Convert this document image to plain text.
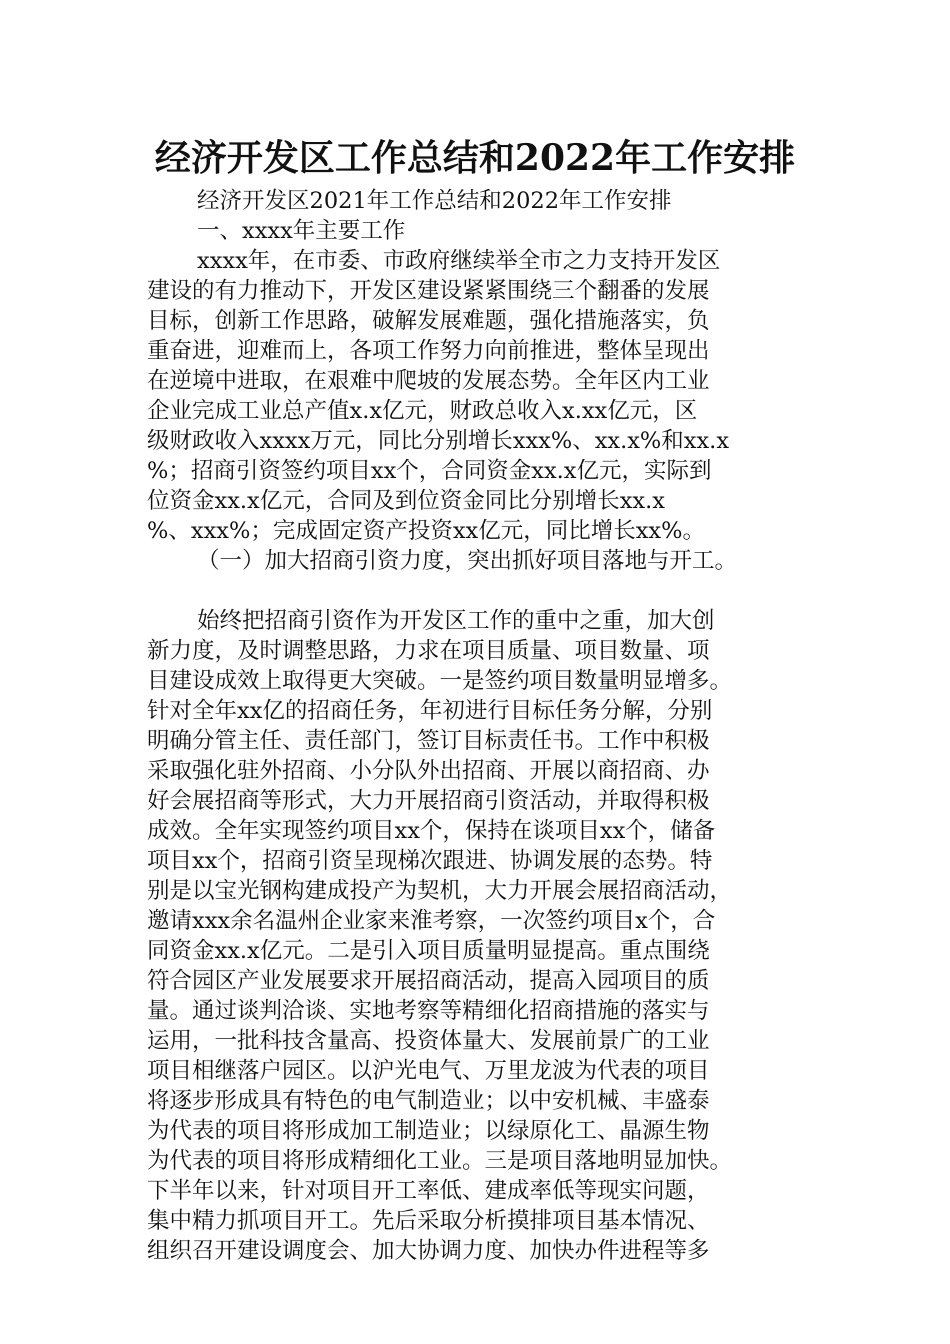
经济开发区工作总结和2022年工作安排

经济开发区2021年工作总结和2022年工作安排

一、xxxx年主要工作

xxxx年，在市委、市政府继续举全市之力支持开发区

建设的有力推动下，开发区建设紧紧围绕三个翻番的发展

目标，创新工作思路，破解发展难题，强化措施落实，负

重奋进，迎难而上，各项工作努力向前推进，整体呈现出

在逆境中进取，在艰难中爬坡的发展态势。全年区内工业

企业完成工业总产值x.x亿元，财政总收入x.xx亿元，区

级财政收入xxxx万元，同比分别增长xxx%、xx.x%和xx.x

%；招商引资签约项目xx个，合同资金xx.x亿元，实际到

位资金xx.x亿元，合同及到位资金同比分别增长xx.x

%、xxx%；完成固定资产投资xx亿元，同比增长xx%。

（一）加大招商引资力度，突出抓好项目落地与开工。

始终把招商引资作为开发区工作的重中之重，加大创

新力度，及时调整思路，力求在项目质量、项目数量、项

目建设成效上取得更大突破。一是签约项目数量明显增多。

针对全年xx亿的招商任务，年初进行目标任务分解，分别

明确分管主任、责任部门，签订目标责任书。工作中积极

采取强化驻外招商、小分队外出招商、开展以商招商、办

好会展招商等形式，大力开展招商引资活动，并取得积极

成效。全年实现签约项目xx个，保持在谈项目xx个，储备

项目xx个，招商引资呈现梯次跟进、协调发展的态势。特

别是以宝光钢构建成投产为契机，大力开展会展招商活动，

邀请xxx余名温州企业家来淮考察，一次签约项目x个，合

同资金xx.x亿元。二是引入项目质量明显提高。重点围绕

符合园区产业发展要求开展招商活动，提高入园项目的质

量。通过谈判洽谈、实地考察等精细化招商措施的落实与

运用，一批科技含量高、投资体量大、发展前景广的工业

项目相继落户园区。以沪光电气、万里龙波为代表的项目

将逐步形成具有特色的电气制造业；以中安机械、丰盛泰

为代表的项目将形成加工制造业；以绿原化工、晶源生物

为代表的项目将形成精细化工业。三是项目落地明显加快。

下半年以来，针对项目开工率低、建成率低等现实问题，

集中精力抓项目开工。先后采取分析摸排项目基本情况、

组织召开建设调度会、加大协调力度、加快办件进程等多
